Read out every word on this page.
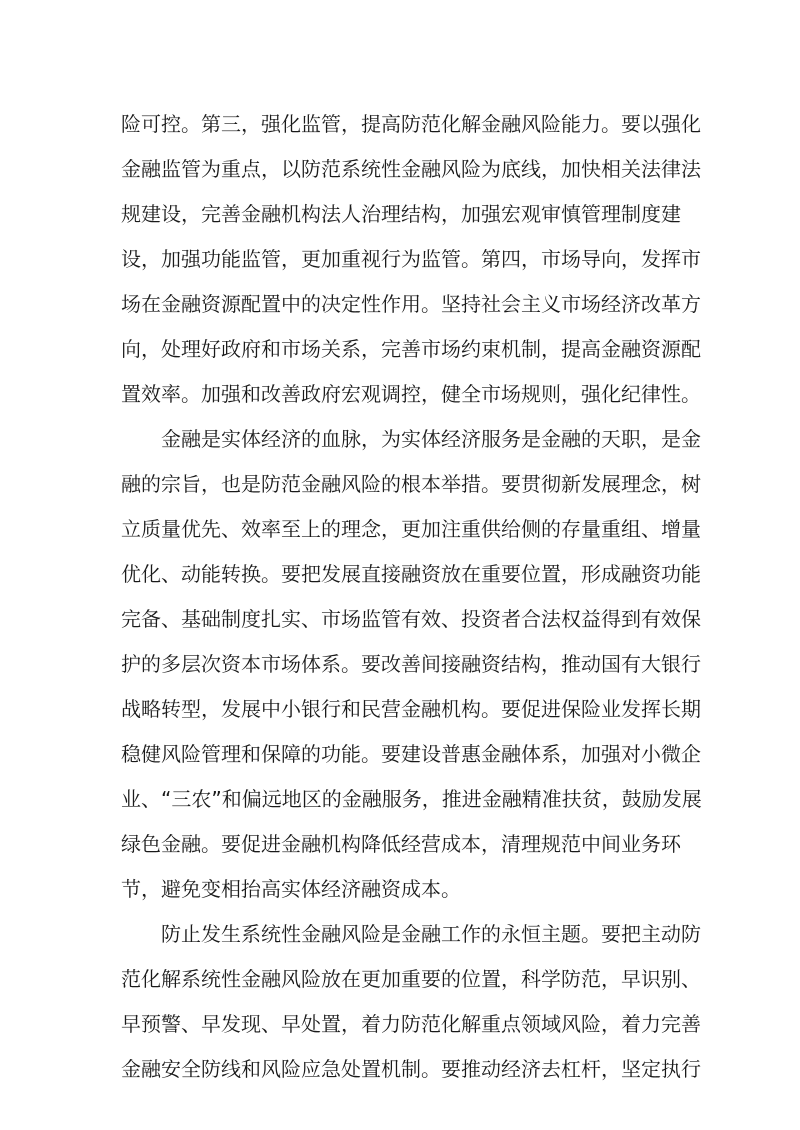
险可控。第三，强化监管，提高防范化解金融风险能力。要以强化
金融监管为重点，以防范系统性金融风险为底线，加快相关法律法
规建设，完善金融机构法人治理结构，加强宏观审慎管理制度建
设，加强功能监管，更加重视行为监管。第四，市场导向，发挥市
场在金融资源配置中的决定性作用。坚持社会主义市场经济改革方
向，处理好政府和市场关系，完善市场约束机制，提高金融资源配
置效率。加强和改善政府宏观调控，健全市场规则，强化纪律性。
金融是实体经济的血脉，为实体经济服务是金融的天职，是金
融的宗旨，也是防范金融风险的根本举措。要贯彻新发展理念，树
立质量优先、效率至上的理念，更加注重供给侧的存量重组、增量
优化、动能转换。要把发展直接融资放在重要位置，形成融资功能
完备、基础制度扎实、市场监管有效、投资者合法权益得到有效保
护的多层次资本市场体系。要改善间接融资结构，推动国有大银行
战略转型，发展中小银行和民营金融机构。要促进保险业发挥长期
稳健风险管理和保障的功能。要建设普惠金融体系，加强对小微企
业、“三农”和偏远地区的金融服务，推进金融精准扶贫，鼓励发展
绿色金融。要促进金融机构降低经营成本，清理规范中间业务环
节，避免变相抬高实体经济融资成本。
防止发生系统性金融风险是金融工作的永恒主题。要把主动防
范化解系统性金融风险放在更加重要的位置，科学防范，早识别、
早预警、早发现、早处置，着力防范化解重点领域风险，着力完善
金融安全防线和风险应急处置机制。要推动经济去杠杆，坚定执行
